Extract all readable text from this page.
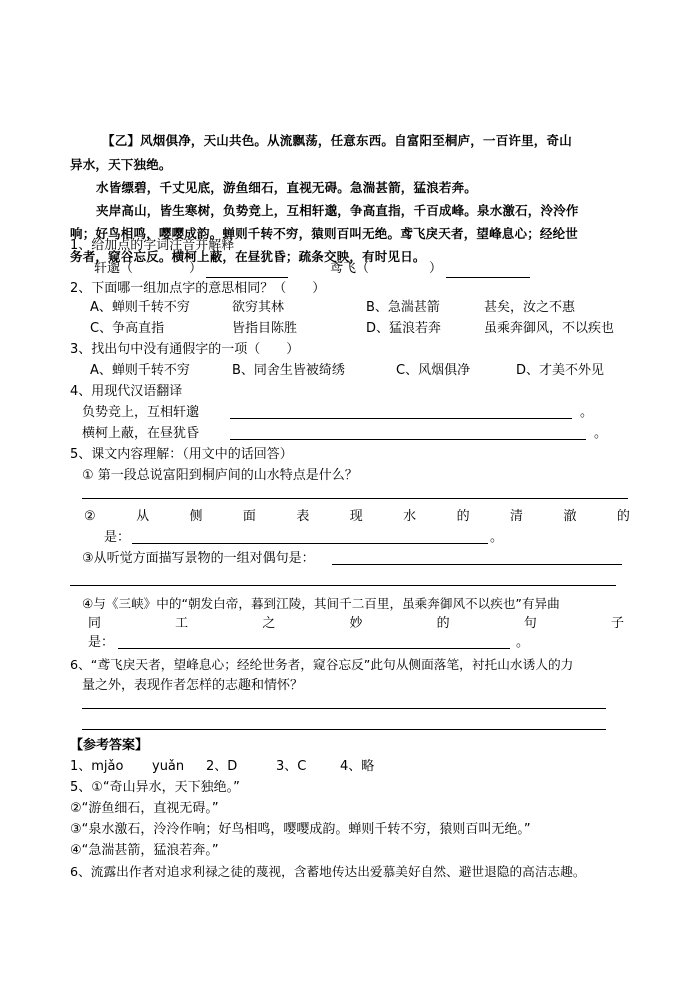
【乙】风烟俱净，天山共色。从流飘荡，任意东西。自富阳至桐庐，一百许里，奇山
异水，天下独绝。
水皆缥碧，千丈见底，游鱼细石，直视无碍。急湍甚箭，猛浪若奔。
夹岸高山，皆生寒树，负势竞上，互相轩邈，争高直指，千百成峰。泉水激石，泠泠作
响；好鸟相鸣，嘤嘤成韵。蝉则千转不穷，猿则百叫无绝。鸢飞戾天者，望峰息心；经纶世
务者，窥谷忘反。横柯上蔽，在昼犹昏；疏条交映，有时见日。
1、给加点的字词注音并解释
轩邈（	）	鸢飞（	）
2、下面哪一组加点字的意思相同？（　　）
A、蝉则千转不穷	欲穷其林	B、急湍甚箭	甚矣，汝之不惠
C、争高直指	皆指目陈胜	D、猛浪若奔	虽乘奔御风，不以疾也
3、找出句中没有通假字的一项（　　）
A、蝉则千转不穷	B、同舍生皆被绮绣	C、风烟俱净	D、才美不外见
4、用现代汉语翻译
负势竞上，互相轩邈	。
横柯上蔽，在昼犹昏	。
5、课文内容理解：（用文中的话回答）
① 第一段总说富阳到桐庐间的山水特点是什么？
②	从	侧	面	表	现	水	的	清	澈	的
是：	。
③从听觉方面描写景物的一组对偶句是：
④与《三峡》中的“朝发白帝，暮到江陵，其间千二百里，虽乘奔御风不以疾也”有异曲
同	工	之	妙	的	句	子
是：	。
6、“鸢飞戾天者，望峰息心；经纶世务者，窥谷忘反”此句从侧面落笔，衬托山水诱人的力
量之外，表现作者怎样的志趣和情怀？
【参考答案】
1、mjǎo yuǎn 2、D	3、C	4、略
5、①“奇山异水，天下独绝。”
②“游鱼细石，直视无碍。”
③“泉水激石，泠泠作响；好鸟相鸣，嘤嘤成韵。蝉则千转不穷，猿则百叫无绝。”
④“急湍甚箭，猛浪若奔。”
6、流露出作者对追求利禄之徒的蔑视，含蓄地传达出爱慕美好自然、避世退隐的高洁志趣。
